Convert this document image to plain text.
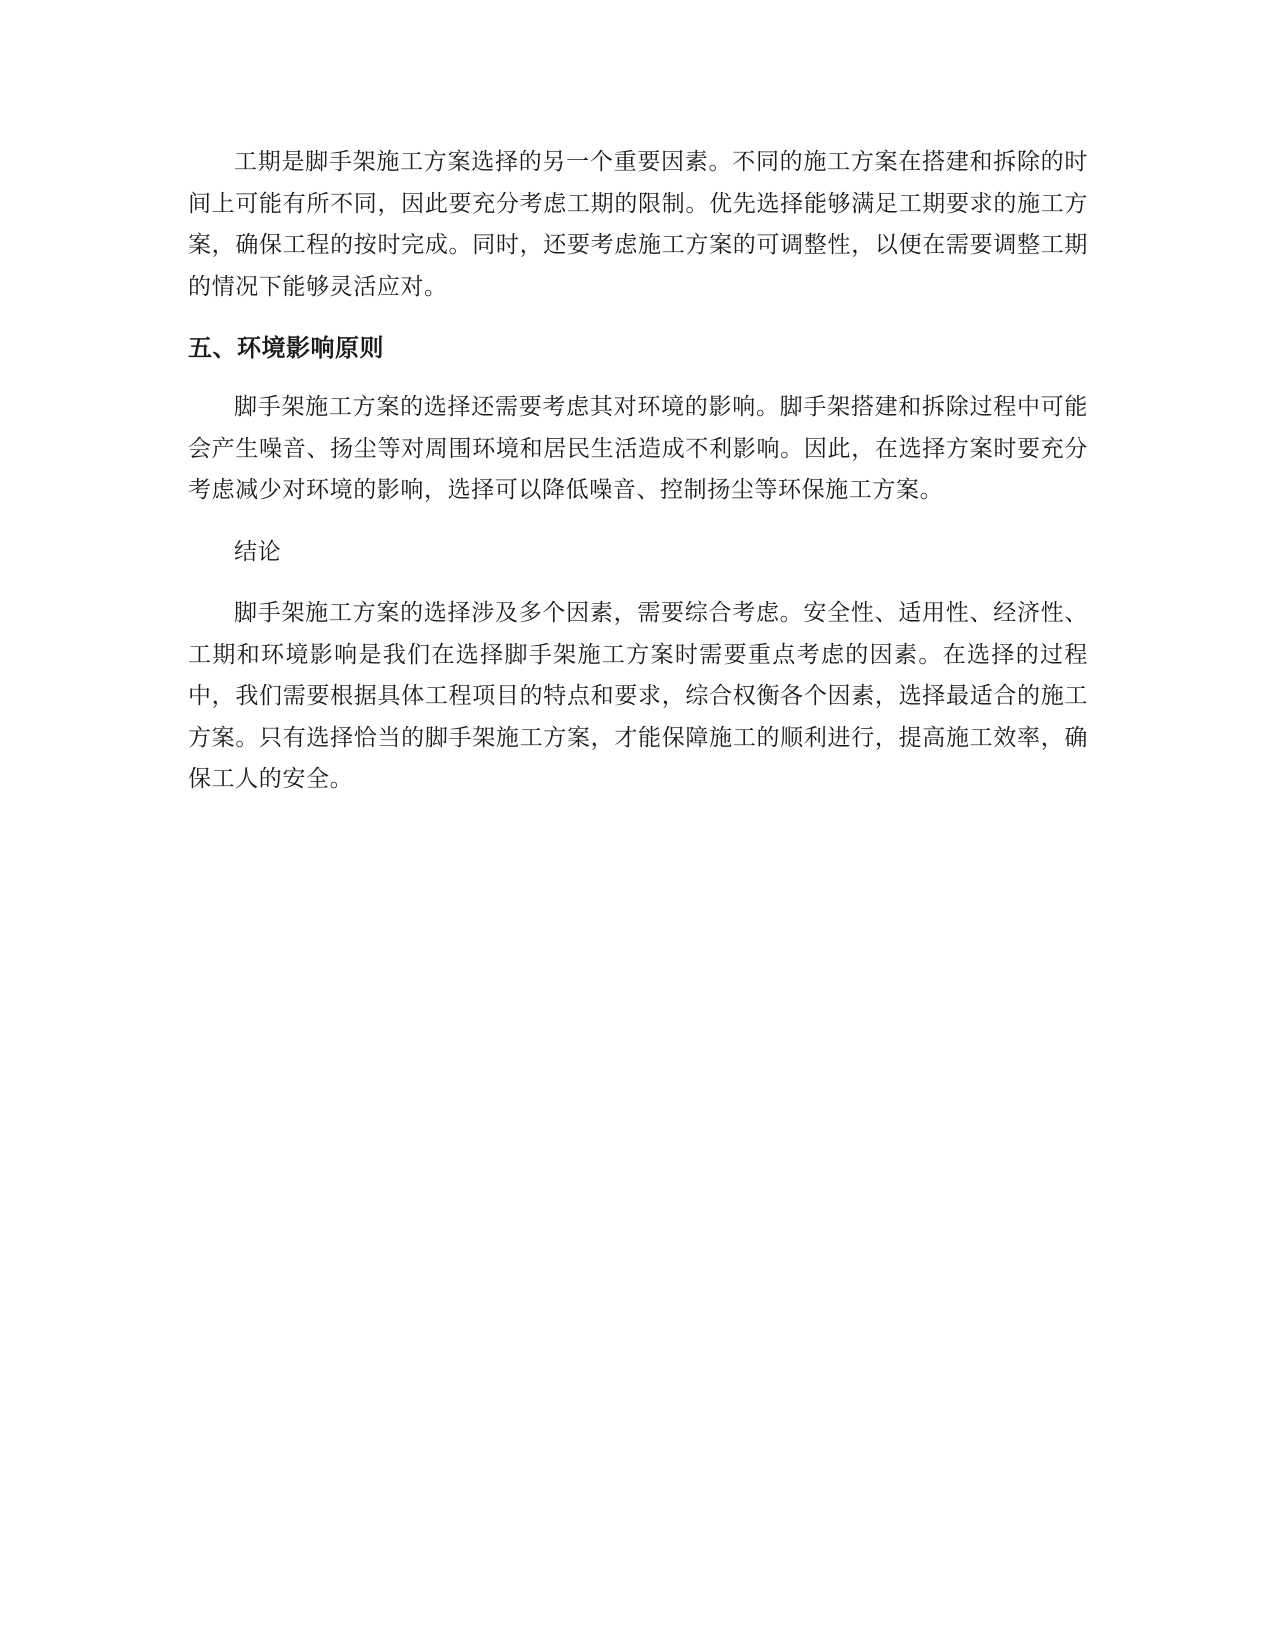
工期是脚手架施工方案选择的另一个重要因素。不同的施工方案在搭建和拆除的时间上可能有所不同，因此要充分考虑工期的限制。优先选择能够满足工期要求的施工方案，确保工程的按时完成。同时，还要考虑施工方案的可调整性，以便在需要调整工期的情况下能够灵活应对。

五、环境影响原则

脚手架施工方案的选择还需要考虑其对环境的影响。脚手架搭建和拆除过程中可能会产生噪音、扬尘等对周围环境和居民生活造成不利影响。因此，在选择方案时要充分考虑减少对环境的影响，选择可以降低噪音、控制扬尘等环保施工方案。

结论

脚手架施工方案的选择涉及多个因素，需要综合考虑。安全性、适用性、经济性、工期和环境影响是我们在选择脚手架施工方案时需要重点考虑的因素。在选择的过程中，我们需要根据具体工程项目的特点和要求，综合权衡各个因素，选择最适合的施工方案。只有选择恰当的脚手架施工方案，才能保障施工的顺利进行，提高施工效率，确保工人的安全。
